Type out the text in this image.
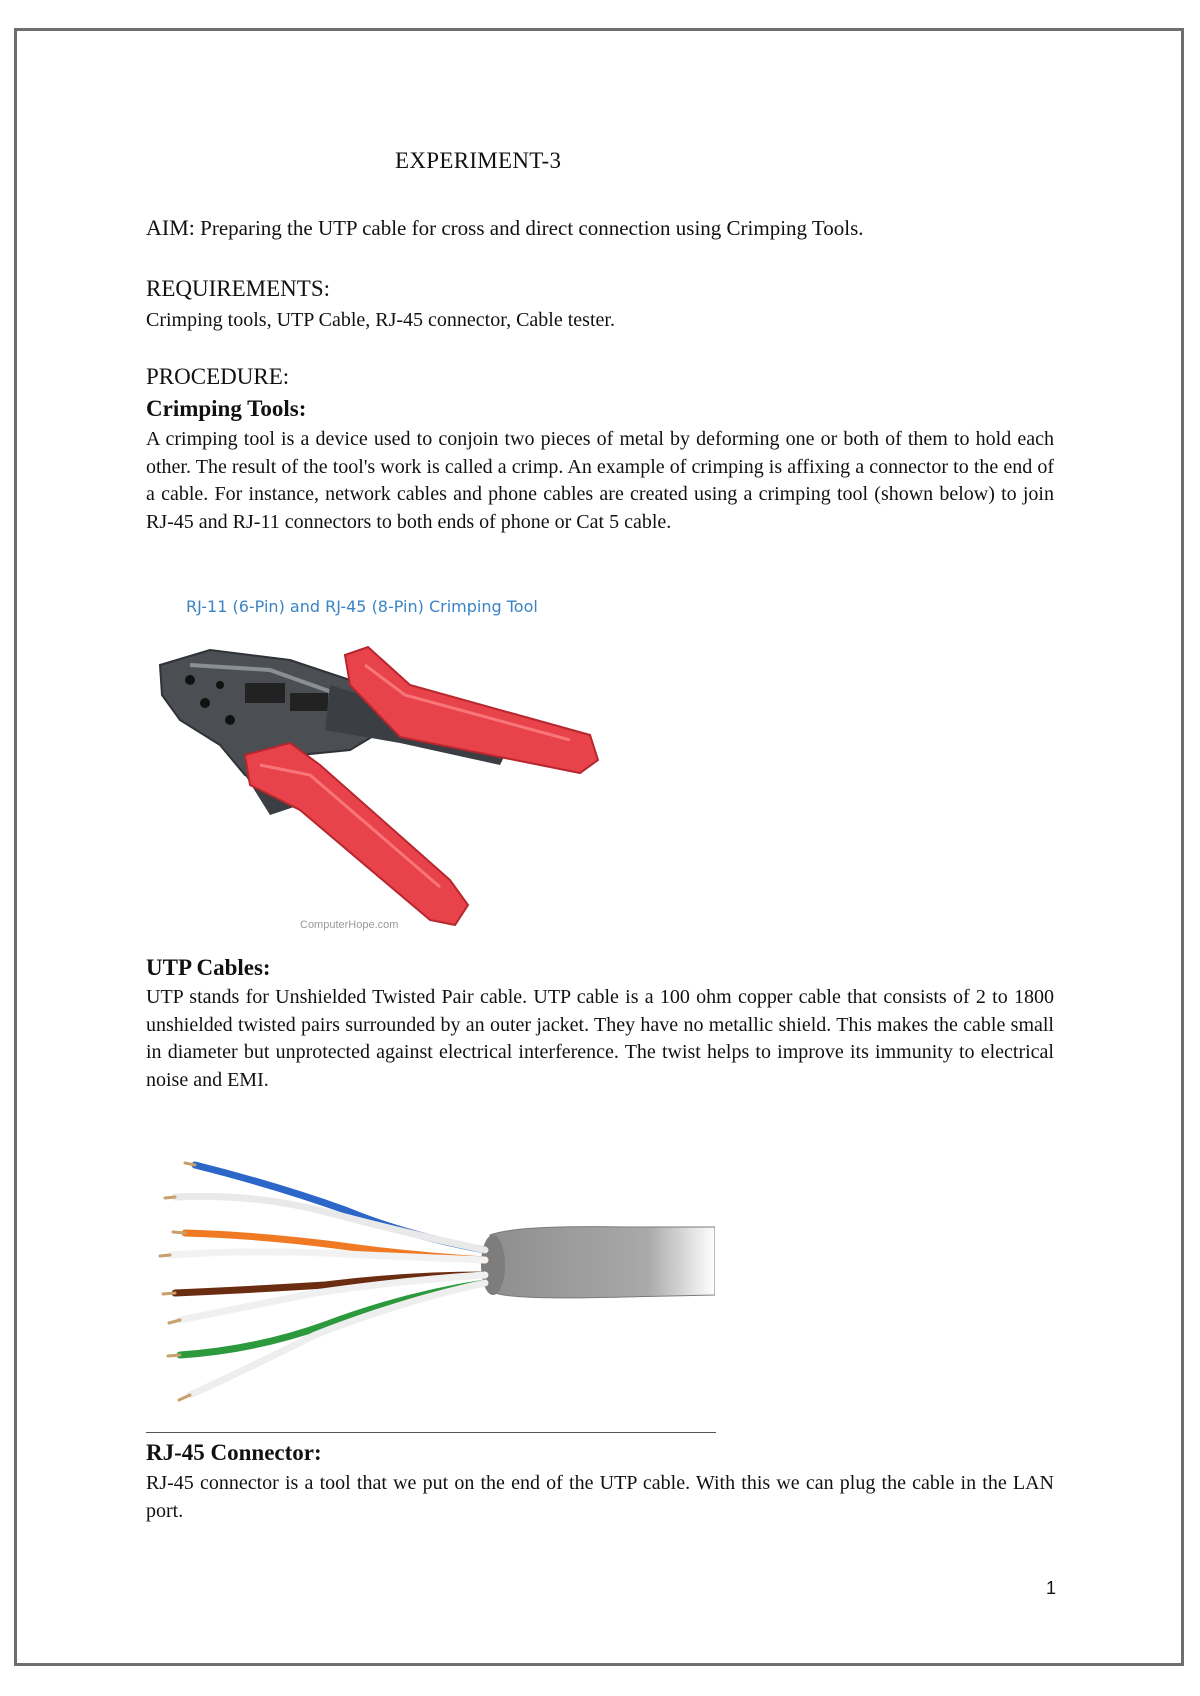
EXPERIMENT-3
AIM: Preparing the UTP cable for cross and direct connection using Crimping Tools.
REQUIREMENTS:
Crimping tools, UTP Cable, RJ-45 connector, Cable tester.
PROCEDURE:
Crimping Tools:
A crimping tool is a device used to conjoin two pieces of metal by deforming one or both of them to hold each other. The result of the tool's work is called a crimp. An example of crimping is affixing a connector to the end of a cable. For instance, network cables and phone cables are created using a crimping tool (shown below) to join RJ-45 and RJ-11 connectors to both ends of phone or Cat 5 cable.
RJ-11 (6-Pin) and RJ-45 (8-Pin) Crimping Tool
ComputerHope.com
UTP Cables:
UTP stands for Unshielded Twisted Pair cable. UTP cable is a 100 ohm copper cable that consists of 2 to 1800 unshielded twisted pairs surrounded by an outer jacket. They have no metallic shield. This makes the cable small in diameter but unprotected against electrical interference. The twist helps to improve its immunity to electrical noise and EMI.
RJ-45 Connector:
RJ-45 connector is a tool that we put on the end of the UTP cable. With this we can plug the cable in the LAN port.
1
